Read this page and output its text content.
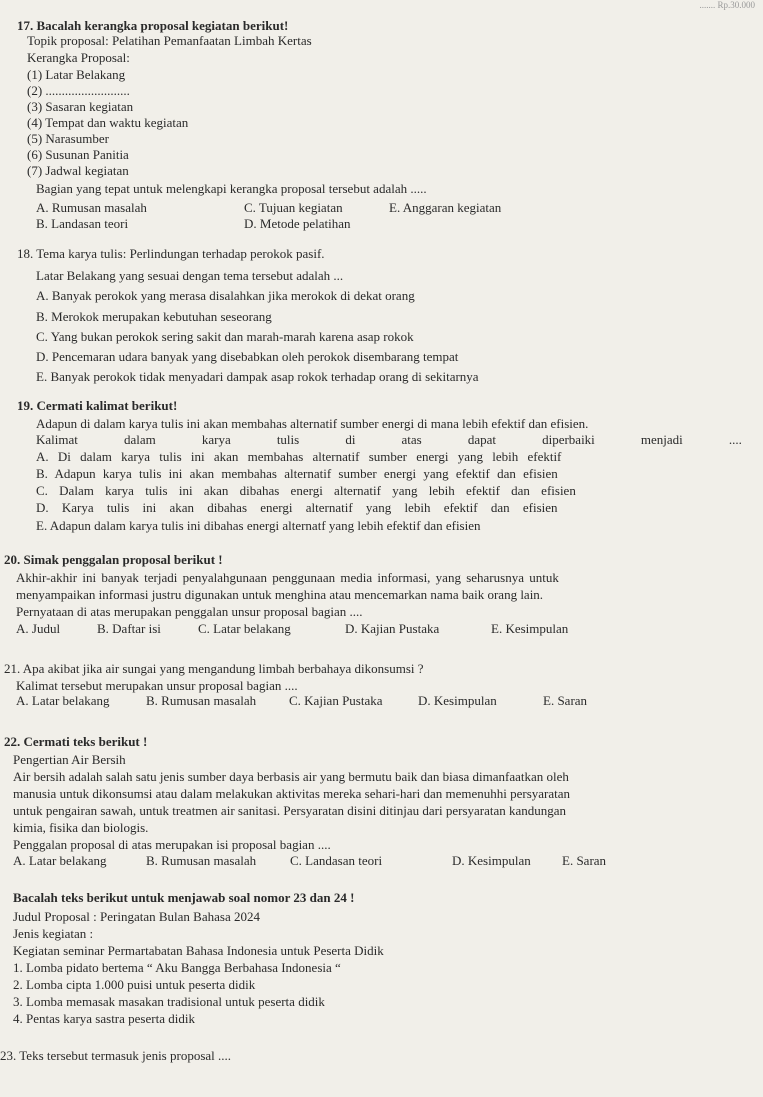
....... Rp.30.000
17. Bacalah kerangka proposal kegiatan berikut!
Topik proposal: Pelatihan Pemanfaatan Limbah Kertas
Kerangka Proposal:
(1) Latar Belakang
(2) ..........................
(3) Sasaran kegiatan
(4) Tempat dan waktu kegiatan
(5) Narasumber
(6) Susunan Panitia
(7) Jadwal kegiatan
Bagian yang tepat untuk melengkapi kerangka proposal tersebut adalah .....
A. Rumusan masalah	C. Tujuan kegiatan	E. Anggaran kegiatan
B. Landasan teori	D. Metode pelatihan
18. Tema karya tulis: Perlindungan terhadap perokok pasif.
Latar Belakang yang sesuai dengan tema tersebut adalah ...
A. Banyak perokok yang merasa disalahkan jika merokok di dekat orang
B. Merokok merupakan kebutuhan seseorang
C. Yang bukan perokok sering sakit dan marah-marah karena asap rokok
D. Pencemaran udara banyak yang disebabkan oleh perokok disembarang tempat
E. Banyak perokok tidak menyadari dampak asap rokok terhadap orang di sekitarnya
19. Cermati kalimat berikut!
Adapun di dalam karya tulis ini akan membahas alternatif sumber energi di mana lebih efektif dan efisien.
Kalimat	dalam	karya	tulis	di	atas	dapat	diperbaiki	menjadi	....
A. Di dalam karya tulis ini akan membahas alternatif sumber energi yang lebih efektif
B. Adapun karya tulis ini akan membahas alternatif sumber energi yang efektif dan efisien
C. Dalam karya tulis ini akan dibahas energi alternatif yang lebih efektif dan efisien
D. Karya tulis ini akan dibahas energi alternatif yang lebih efektif dan efisien
E. Adapun dalam karya tulis ini dibahas energi alternatf yang lebih efektif dan efisien
20. Simak penggalan proposal berikut !
Akhir-akhir ini banyak terjadi penyalahgunaan penggunaan media informasi, yang seharusnya untuk
menyampaikan informasi justru digunakan untuk menghina atau mencemarkan nama baik orang lain.
Pernyataan di atas merupakan penggalan unsur proposal bagian ....
A. Judul	B. Daftar isi	C. Latar belakang	D. Kajian Pustaka	E. Kesimpulan
21. Apa akibat jika air sungai yang mengandung limbah berbahaya dikonsumsi ?
Kalimat tersebut merupakan unsur proposal bagian ....
A. Latar belakang	B. Rumusan masalah	C. Kajian Pustaka	D. Kesimpulan	E. Saran
22. Cermati teks berikut !
Pengertian Air Bersih
Air bersih adalah salah satu jenis sumber daya berbasis air yang bermutu baik dan biasa dimanfaatkan oleh
manusia untuk dikonsumsi atau dalam melakukan aktivitas mereka sehari-hari dan memenuhhi persyaratan
untuk pengairan sawah, untuk treatmen air sanitasi. Persyaratan disini ditinjau dari persyaratan kandungan
kimia, fisika dan biologis.
Penggalan proposal di atas merupakan isi proposal bagian ....
A. Latar belakang	B. Rumusan masalah	C. Landasan teori	D. Kesimpulan E. Saran
Bacalah teks berikut untuk menjawab soal nomor 23 dan 24 !
Judul Proposal : Peringatan Bulan Bahasa 2024
Jenis kegiatan :
Kegiatan seminar Permartabatan Bahasa Indonesia untuk Peserta Didik
1. Lomba pidato bertema “ Aku Bangga Berbahasa Indonesia “
2. Lomba cipta 1.000 puisi untuk peserta didik
3. Lomba memasak masakan tradisional untuk peserta didik
4. Pentas karya sastra peserta didik
23. Teks tersebut termasuk jenis proposal ....
